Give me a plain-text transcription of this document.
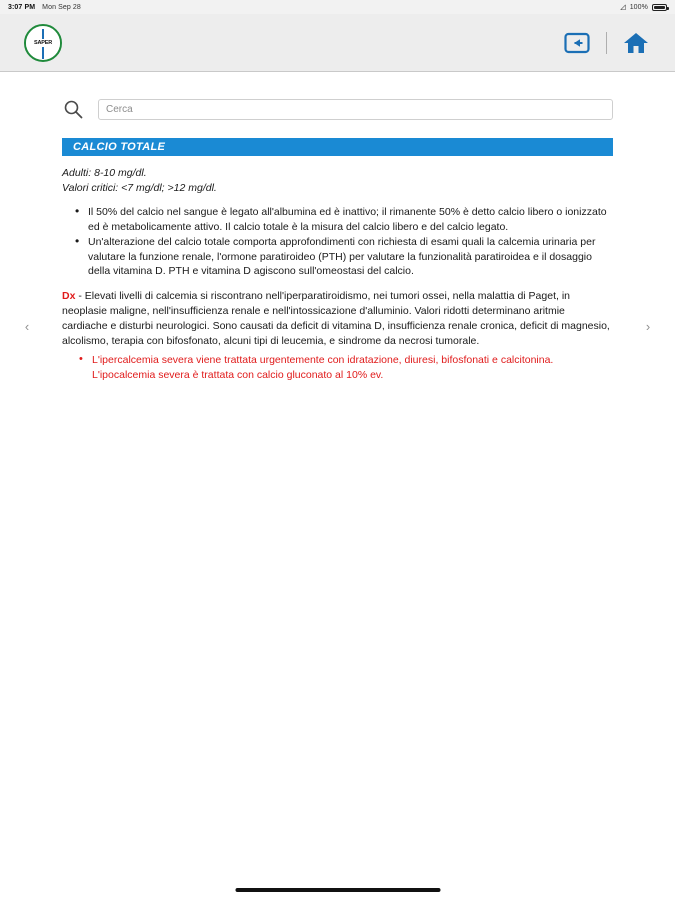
3:07 PM Mon Sep 28	◿ 100%
SAPER
‹	›
Cerca
CALCIO TOTALE
Adulti: 8-10 mg/dl.
Valori critici: <7 mg/dl; >12 mg/dl.
• Il 50% del calcio nel sangue è legato all'albumina ed è inattivo; il rimanente 50% è detto calcio libero o ionizzato ed è metabolicamente attivo. Il calcio totale è la misura del calcio libero e del calcio legato.
• Un'alterazione del calcio totale comporta approfondimenti con richiesta di esami quali la calcemia urinaria per valutare la funzione renale, l'ormone paratiroideo (PTH) per valutare la funzionalità paratiroidea e il dosaggio della vitamina D. PTH e vitamina D agiscono sull'omeostasi del calcio.

Dx - Elevati livelli di calcemia si riscontrano nell'iperparatiroidismo, nei tumori ossei, nella malattia di Paget, in neoplasie maligne, nell'insufficienza renale e nell'intossicazione d'alluminio. Valori ridotti determinano aritmie cardiache e disturbi neurologici. Sono causati da deficit di vitamina D, insufficienza renale cronica, deficit di magnesio, alcolismo, terapia con bifosfonato, alcuni tipi di leucemia, e sindrome da necrosi tumorale.

• L'ipercalcemia severa viene trattata urgentemente con idratazione, diuresi, bifosfonati e calcitonina. L'ipocalcemia severa è trattata con calcio gluconato al 10% ev.
